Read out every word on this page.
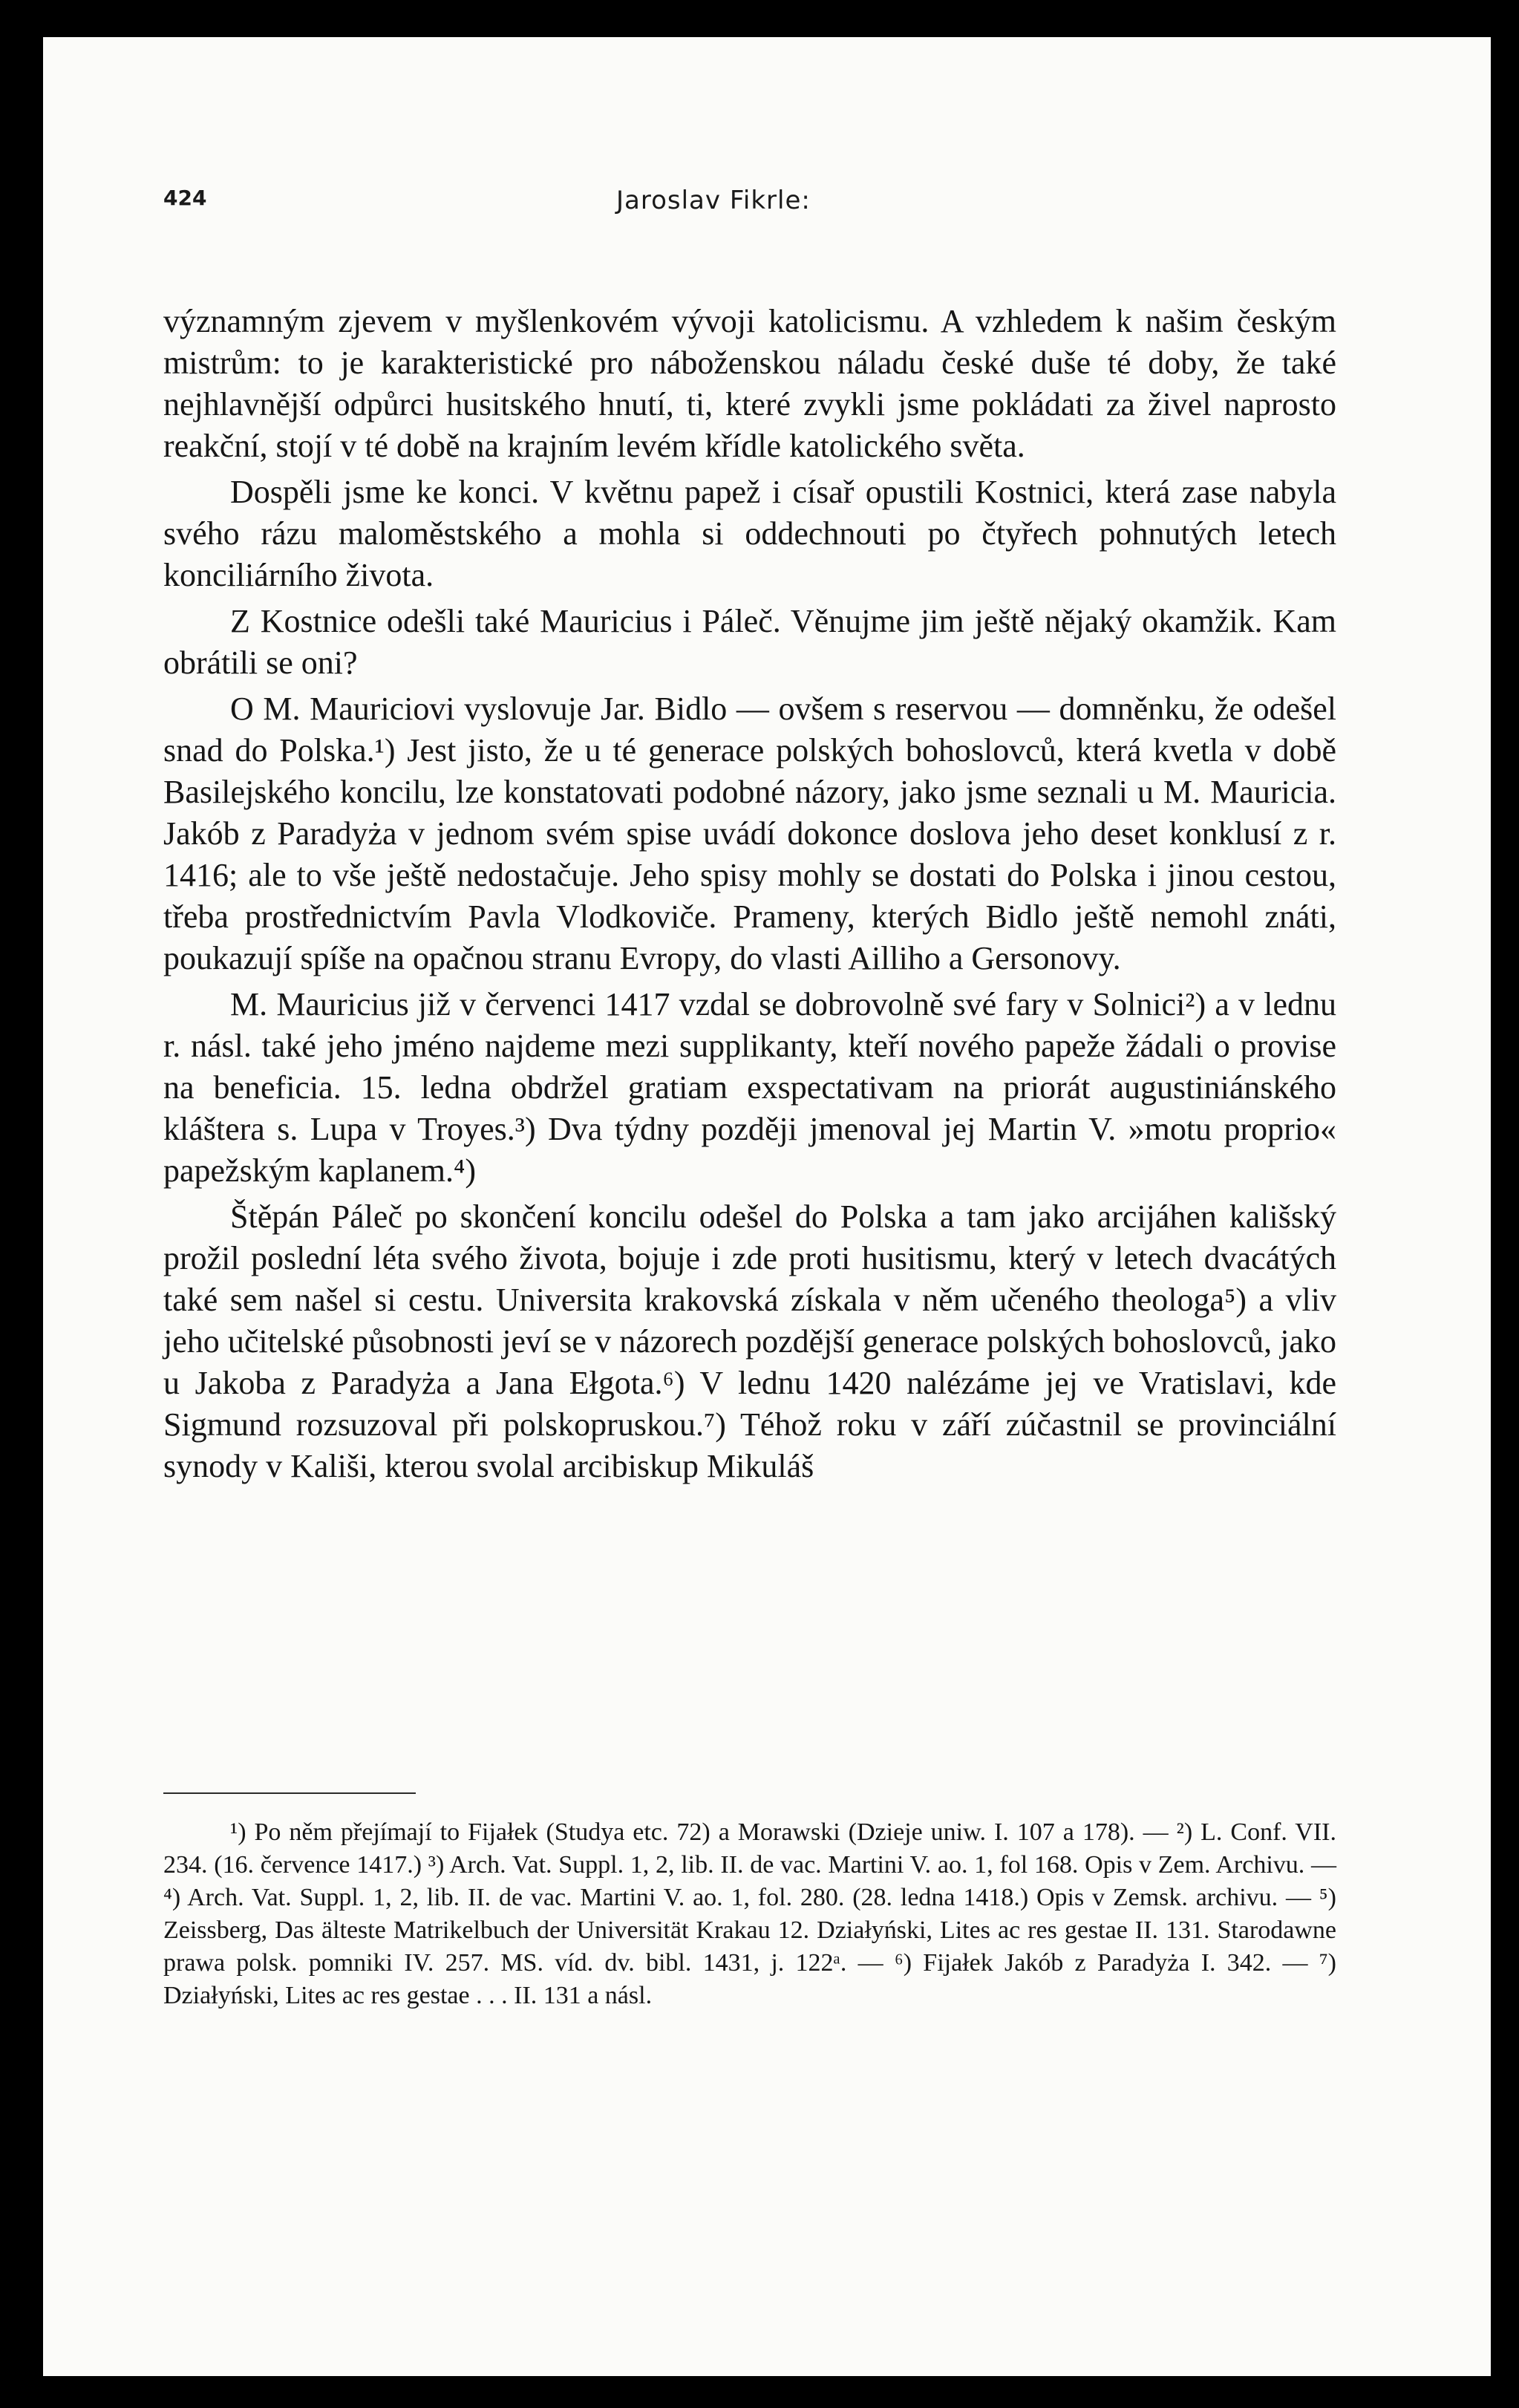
424	Jaroslav Fikrle:

významným zjevem v myšlenkovém vývoji katolicismu. A vzhledem k našim českým mistrům: to je karakteristické pro náboženskou náladu české duše té doby, že také nejhlavnější odpůrci husitského hnutí, ti, které zvykli jsme pokládati za živel naprosto reakční, stojí v té době na krajním levém křídle katolického světa.

Dospěli jsme ke konci. V květnu papež i císař opustili Kostnici, která zase nabyla svého rázu maloměstského a mohla si oddechnouti po čtyřech pohnutých letech konciliárního života.

Z Kostnice odešli také Mauricius i Páleč. Věnujme jim ještě nějaký okamžik. Kam obrátili se oni?

O M. Mauriciovi vyslovuje Jar. Bidlo — ovšem s reservou — domněnku, že odešel snad do Polska.¹) Jest jisto, že u té generace polských bohoslovců, která kvetla v době Basilejského koncilu, lze konstatovati podobné názory, jako jsme seznali u M. Mauricia. Jakób z Paradyża v jednom svém spise uvádí dokonce doslova jeho deset konklusí z r. 1416; ale to vše ještě nedostačuje. Jeho spisy mohly se dostati do Polska i jinou cestou, třeba prostřednictvím Pavla Vlodkoviče. Prameny, kterých Bidlo ještě nemohl znáti, poukazují spíše na opačnou stranu Evropy, do vlasti Ailliho a Gersonovy.

M. Mauricius již v červenci 1417 vzdal se dobrovolně své fary v Solnici²) a v lednu r. násl. také jeho jméno najdeme mezi supplikanty, kteří nového papeže žádali o provise na beneficia. 15. ledna obdržel gratiam exspectativam na priorát augustiniánského kláštera s. Lupa v Troyes.³) Dva týdny později jmenoval jej Martin V. »motu proprio« papežským kaplanem.⁴)

Štěpán Páleč po skončení koncilu odešel do Polska a tam jako arcijáhen kališský prožil poslední léta svého života, bojuje i zde proti husitismu, který v letech dvacátých také sem našel si cestu. Universita krakovská získala v něm učeného theologa⁵) a vliv jeho učitelské působnosti jeví se v názorech pozdější generace polských bohoslovců, jako u Jakoba z Paradyża a Jana Ełgota.⁶) V lednu 1420 nalézáme jej ve Vratislavi, kde Sigmund rozsuzoval při polskopruskou.⁷) Téhož roku v září zúčastnil se provinciální synody v Kališi, kterou svolal arcibiskup Mikuláš

¹) Po něm přejímají to Fijałek (Studya etc. 72) a Morawski (Dzieje uniw. I. 107 a 178). — ²) L. Conf. VII. 234. (16. července 1417.) ³) Arch. Vat. Suppl. 1, 2, lib. II. de vac. Martini V. ao. 1, fol 168. Opis v Zem. Archivu. — ⁴) Arch. Vat. Suppl. 1, 2, lib. II. de vac. Martini V. ao. 1, fol. 280. (28. ledna 1418.) Opis v Zemsk. archivu. — ⁵) Zeissberg, Das älteste Matrikelbuch der Universität Krakau 12. Działyński, Lites ac res gestae II. 131. Starodawne prawa polsk. pomniki IV. 257. MS. víd. dv. bibl. 1431, j. 122ᵃ. — ⁶) Fijałek Jakób z Paradyża I. 342. — ⁷) Działyński, Lites ac res gestae . . . II. 131 a násl.
